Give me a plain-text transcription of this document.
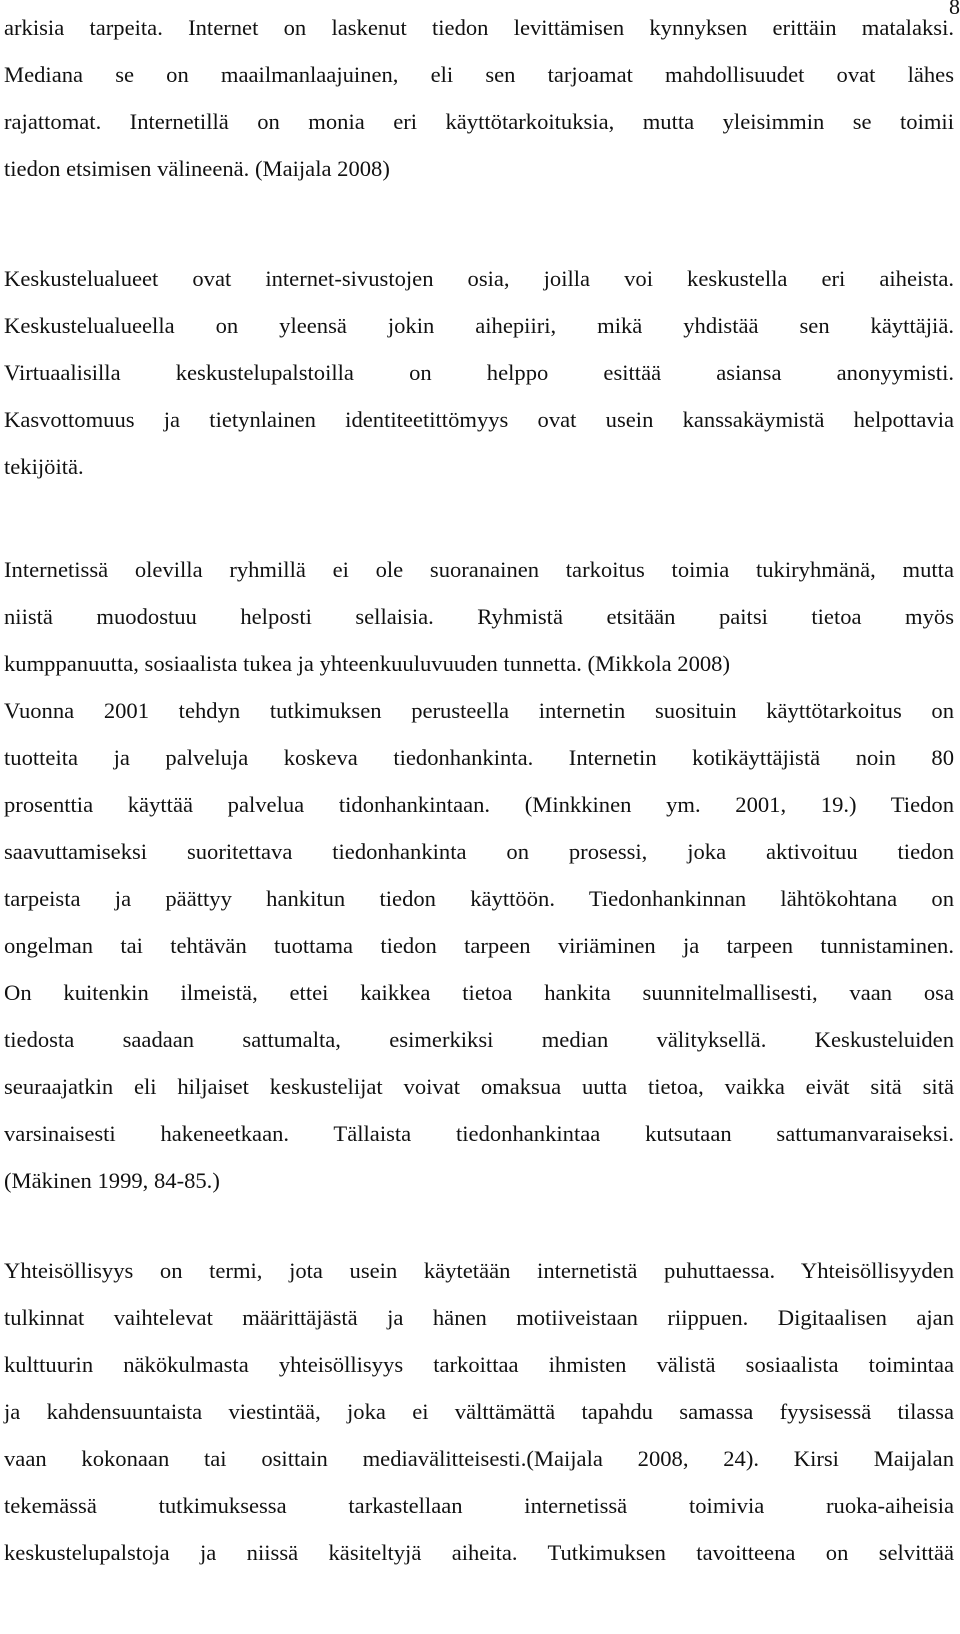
8
arkisia tarpeita. Internet on laskenut tiedon levittämisen kynnyksen erittäin matalaksi.
Mediana se on maailmanlaajuinen, eli sen tarjoamat mahdollisuudet ovat lähes
rajattomat. Internetillä on monia eri käyttötarkoituksia, mutta yleisimmin se toimii
tiedon etsimisen välineenä. (Maijala 2008)
Keskustelualueet ovat internet-sivustojen osia, joilla voi keskustella eri aiheista.
Keskustelualueella on yleensä jokin aihepiiri, mikä yhdistää sen käyttäjiä.
Virtuaalisilla keskustelupalstoilla on helppo esittää asiansa anonyymisti.
Kasvottomuus ja tietynlainen identiteetittömyys ovat usein kanssakäymistä helpottavia
tekijöitä.
Internetissä olevilla ryhmillä ei ole suoranainen tarkoitus toimia tukiryhmänä, mutta
niistä muodostuu helposti sellaisia. Ryhmistä etsitään paitsi tietoa myös
kumppanuutta, sosiaalista tukea ja yhteenkuuluvuuden tunnetta. (Mikkola 2008)
Vuonna 2001 tehdyn tutkimuksen perusteella internetin suosituin käyttötarkoitus on
tuotteita ja palveluja koskeva tiedonhankinta. Internetin kotikäyttäjistä noin 80
prosenttia käyttää palvelua tidonhankintaan. (Minkkinen ym. 2001, 19.) Tiedon
saavuttamiseksi suoritettava tiedonhankinta on prosessi, joka aktivoituu tiedon
tarpeista ja päättyy hankitun tiedon käyttöön. Tiedonhankinnan lähtökohtana on
ongelman tai tehtävän tuottama tiedon tarpeen viriäminen ja tarpeen tunnistaminen.
On kuitenkin ilmeistä, ettei kaikkea tietoa hankita suunnitelmallisesti, vaan osa
tiedosta saadaan sattumalta, esimerkiksi median välityksellä. Keskusteluiden
seuraajatkin eli hiljaiset keskustelijat voivat omaksua uutta tietoa, vaikka eivät sitä sitä
varsinaisesti hakeneetkaan. Tällaista tiedonhankintaa kutsutaan sattumanvaraiseksi.
(Mäkinen 1999, 84-85.)
Yhteisöllisyys on termi, jota usein käytetään internetistä puhuttaessa. Yhteisöllisyyden
tulkinnat vaihtelevat määrittäjästä ja hänen motiiveistaan riippuen. Digitaalisen ajan
kulttuurin näkökulmasta yhteisöllisyys tarkoittaa ihmisten välistä sosiaalista toimintaa
ja kahdensuuntaista viestintää, joka ei välttämättä tapahdu samassa fyysisessä tilassa
vaan kokonaan tai osittain mediavälitteisesti.(Maijala 2008, 24). Kirsi Maijalan
tekemässä tutkimuksessa tarkastellaan internetissä toimivia ruoka-aiheisia
keskustelupalstoja ja niissä käsiteltyjä aiheita. Tutkimuksen tavoitteena on selvittää
